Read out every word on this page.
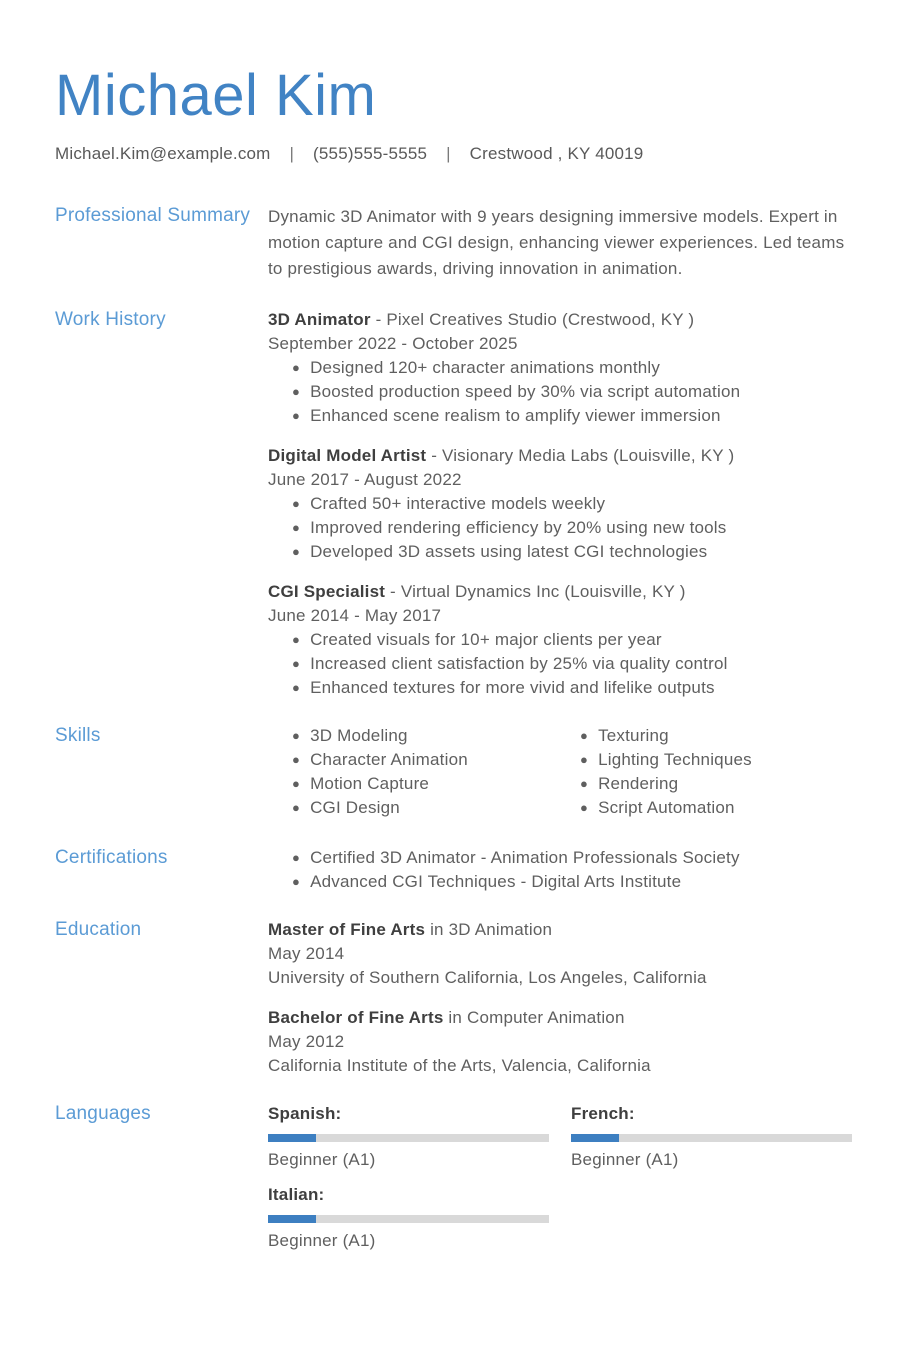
Michael Kim
Michael.Kim@example.com | (555)555-5555 | Crestwood , KY 40019
Professional Summary	Dynamic 3D Animator with 9 years designing immersive models. Expert in motion capture and CGI design, enhancing viewer experiences. Led teams to prestigious awards, driving innovation in animation.
Work History	3D Animator - Pixel Creatives Studio (Crestwood, KY )
September 2022 - October 2025
● Designed 120+ character animations monthly
● Boosted production speed by 30% via script automation
● Enhanced scene realism to amplify viewer immersion
Digital Model Artist - Visionary Media Labs (Louisville, KY )
June 2017 - August 2022
● Crafted 50+ interactive models weekly
● Improved rendering efficiency by 20% using new tools
● Developed 3D assets using latest CGI technologies
CGI Specialist - Virtual Dynamics Inc (Louisville, KY )
June 2014 - May 2017
● Created visuals for 10+ major clients per year
● Increased client satisfaction by 25% via quality control
● Enhanced textures for more vivid and lifelike outputs
Skills	● 3D Modeling
● Character Animation
● Motion Capture
● CGI Design
● Texturing
● Lighting Techniques
● Rendering
● Script Automation
Certifications	● Certified 3D Animator - Animation Professionals Society
● Advanced CGI Techniques - Digital Arts Institute
Education	Master of Fine Arts in 3D Animation
May 2014
University of Southern California, Los Angeles, California
Bachelor of Fine Arts in Computer Animation
May 2012
California Institute of the Arts, Valencia, California
Languages	Spanish:
Beginner (A1)
French:
Beginner (A1)
Italian:
Beginner (A1)
